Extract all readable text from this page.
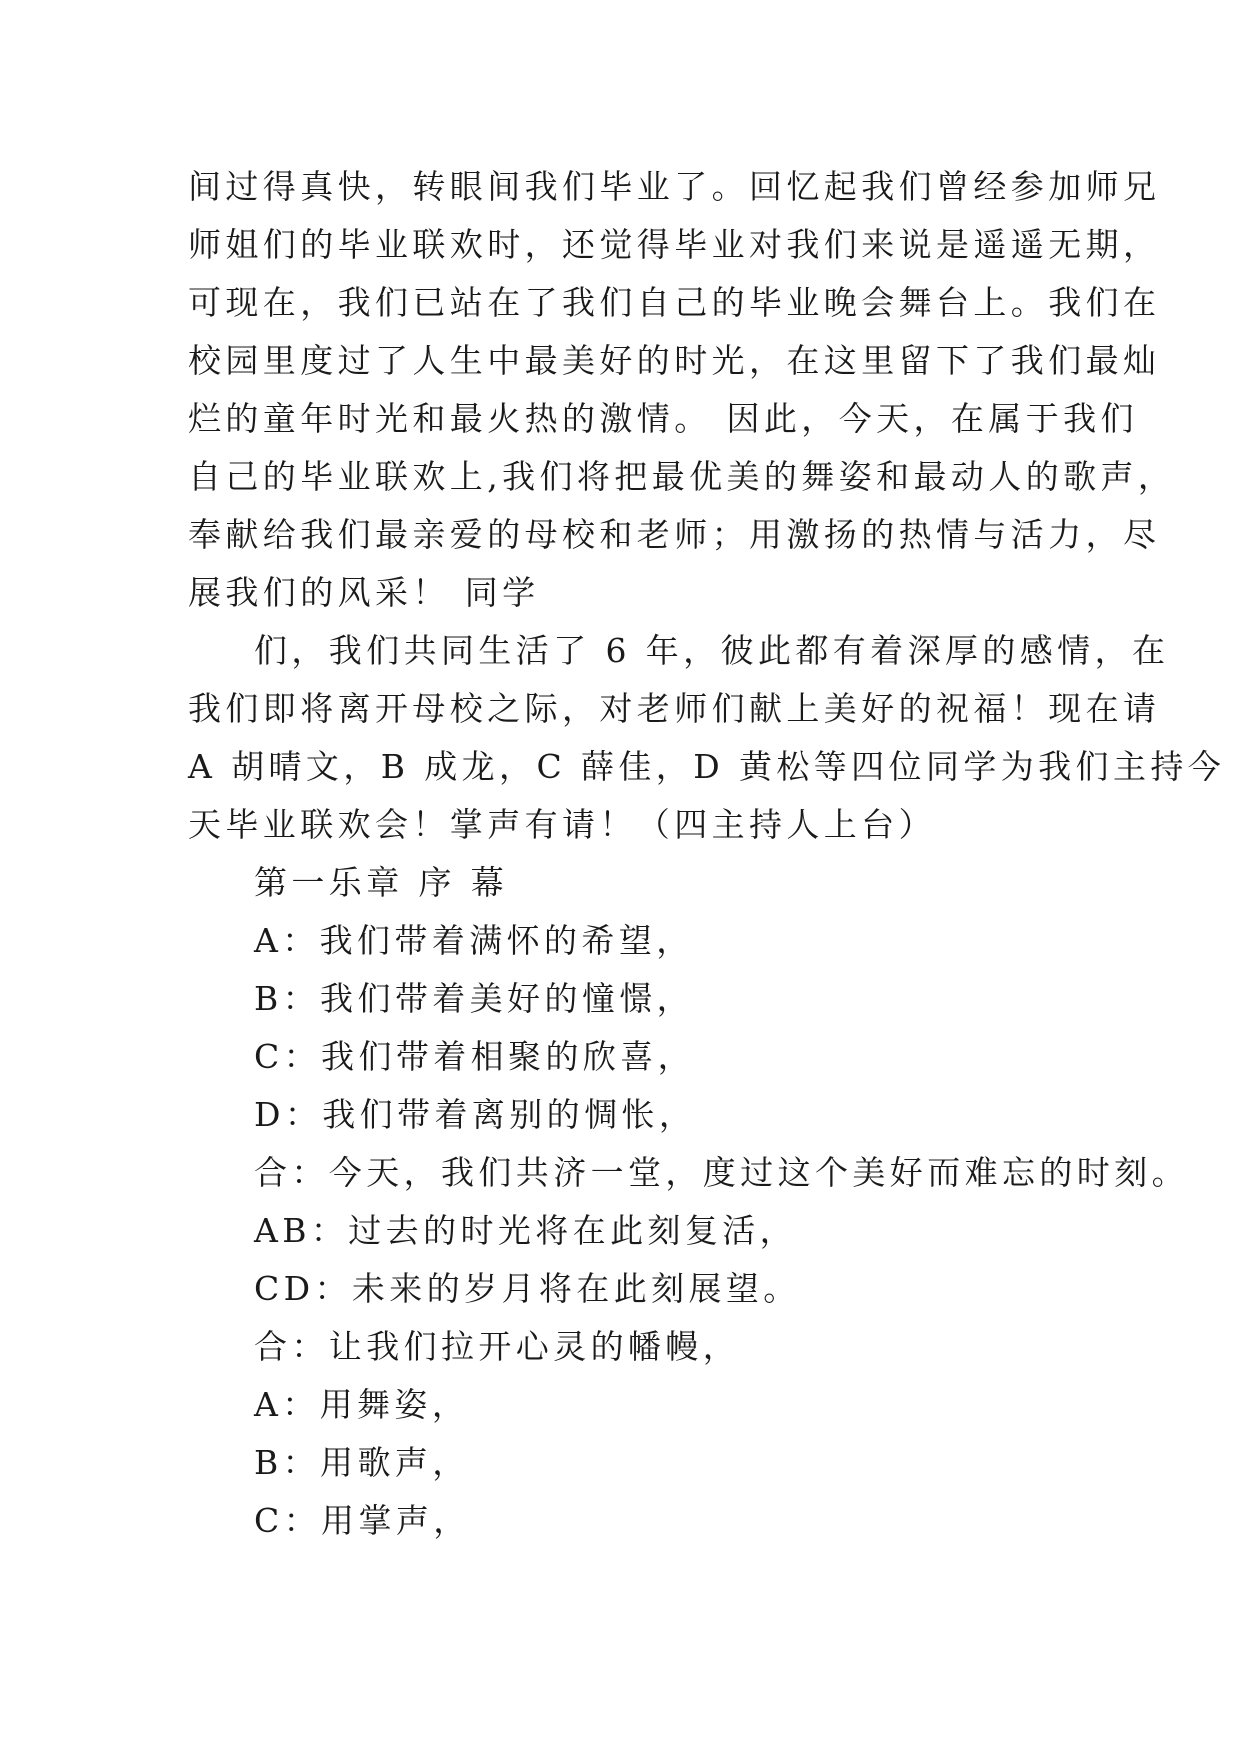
间过得真快，转眼间我们毕业了。回忆起我们曾经参加师兄
师姐们的毕业联欢时，还觉得毕业对我们来说是遥遥无期，
可现在，我们已站在了我们自己的毕业晚会舞台上。我们在
校园里度过了人生中最美好的时光，在这里留下了我们最灿
烂的童年时光和最火热的激情。 因此，今天，在属于我们
自己的毕业联欢上,我们将把最优美的舞姿和最动人的歌声，
奉献给我们最亲爱的母校和老师；用激扬的热情与活力，尽
展我们的风采！ 同学
们，我们共同生活了 6 年，彼此都有着深厚的感情，在
我们即将离开母校之际，对老师们献上美好的祝福！现在请
A 胡晴文，B 成龙，C 薛佳，D 黄松等四位同学为我们主持今
天毕业联欢会！掌声有请！（四主持人上台）
第一乐章 序 幕
A：我们带着满怀的希望，
B：我们带着美好的憧憬，
C：我们带着相聚的欣喜，
D：我们带着离别的惆怅，
合：今天，我们共济一堂，度过这个美好而难忘的时刻。
AB：过去的时光将在此刻复活，
CD：未来的岁月将在此刻展望。
合：让我们拉开心灵的幡幔，
A：用舞姿，
B：用歌声，
C：用掌声，
